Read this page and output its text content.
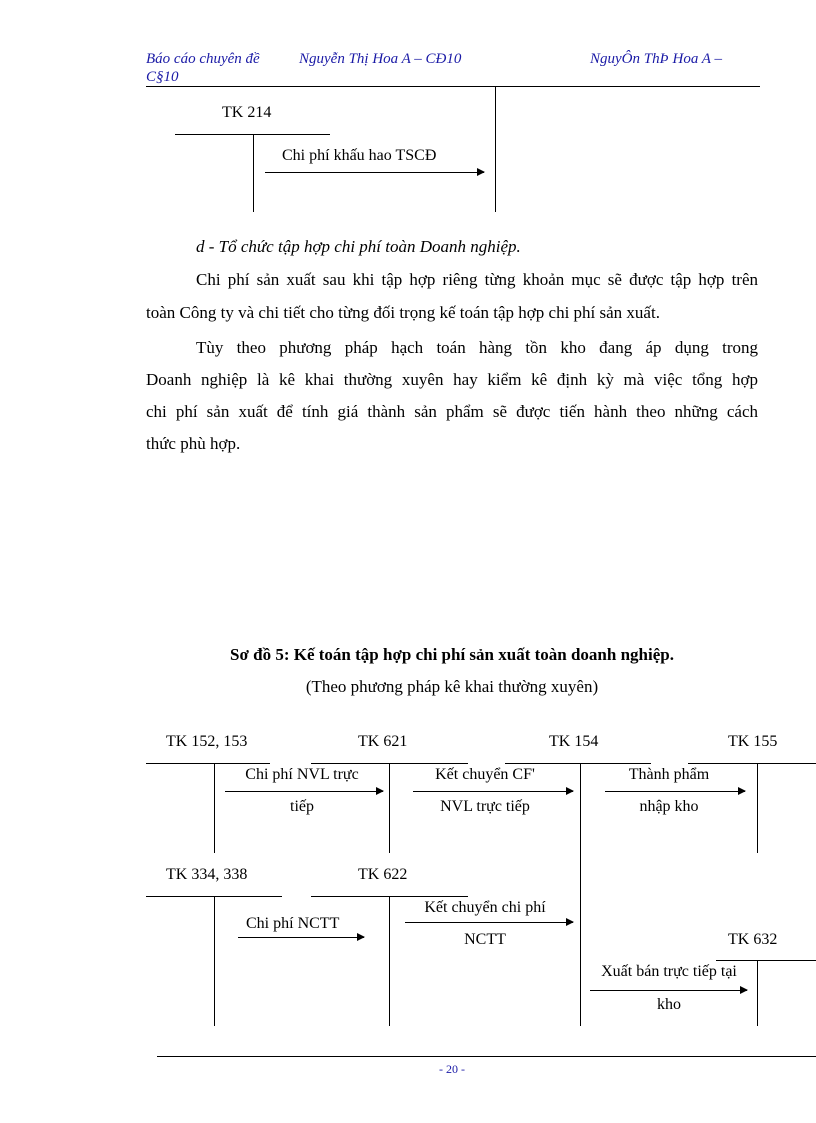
Báo cáo chuyên đề	Nguyễn Thị Hoa A – CĐ10	NguyÔn ThÞ Hoa A –
C§10
TK 214
Chi phí khấu hao TSCĐ
d - Tổ chức tập hợp chi phí toàn Doanh nghiệp.
Chi phí sản xuất sau khi tập hợp riêng từng khoản mục sẽ được tập hợp trên
toàn Công ty và chi tiết cho từng đối trọng kế toán tập hợp chi phí sản xuất.
Tùy theo phương pháp hạch toán hàng tồn kho đang áp dụng trong
Doanh nghiệp là kê khai thường xuyên hay kiểm kê định kỳ mà việc tổng hợp
chi phí sản xuất để tính giá thành sản phẩm sẽ được tiến hành theo những cách
thức phù hợp.
Sơ đồ 5: Kế toán tập hợp chi phí sản xuất toàn doanh nghiệp.
(Theo phương pháp kê khai thường xuyên)
TK 152, 153	TK 621	TK 154	TK 155
Chi phí NVL trực
tiếp
Kết chuyển CF'
NVL trực tiếp
Thành phẩm
nhập kho
TK 334, 338	TK 622
Chi phí NCTT
Kết chuyển chi phí
NCTT	TK 632
Xuất bán trực tiếp tại
kho
- 20 -
